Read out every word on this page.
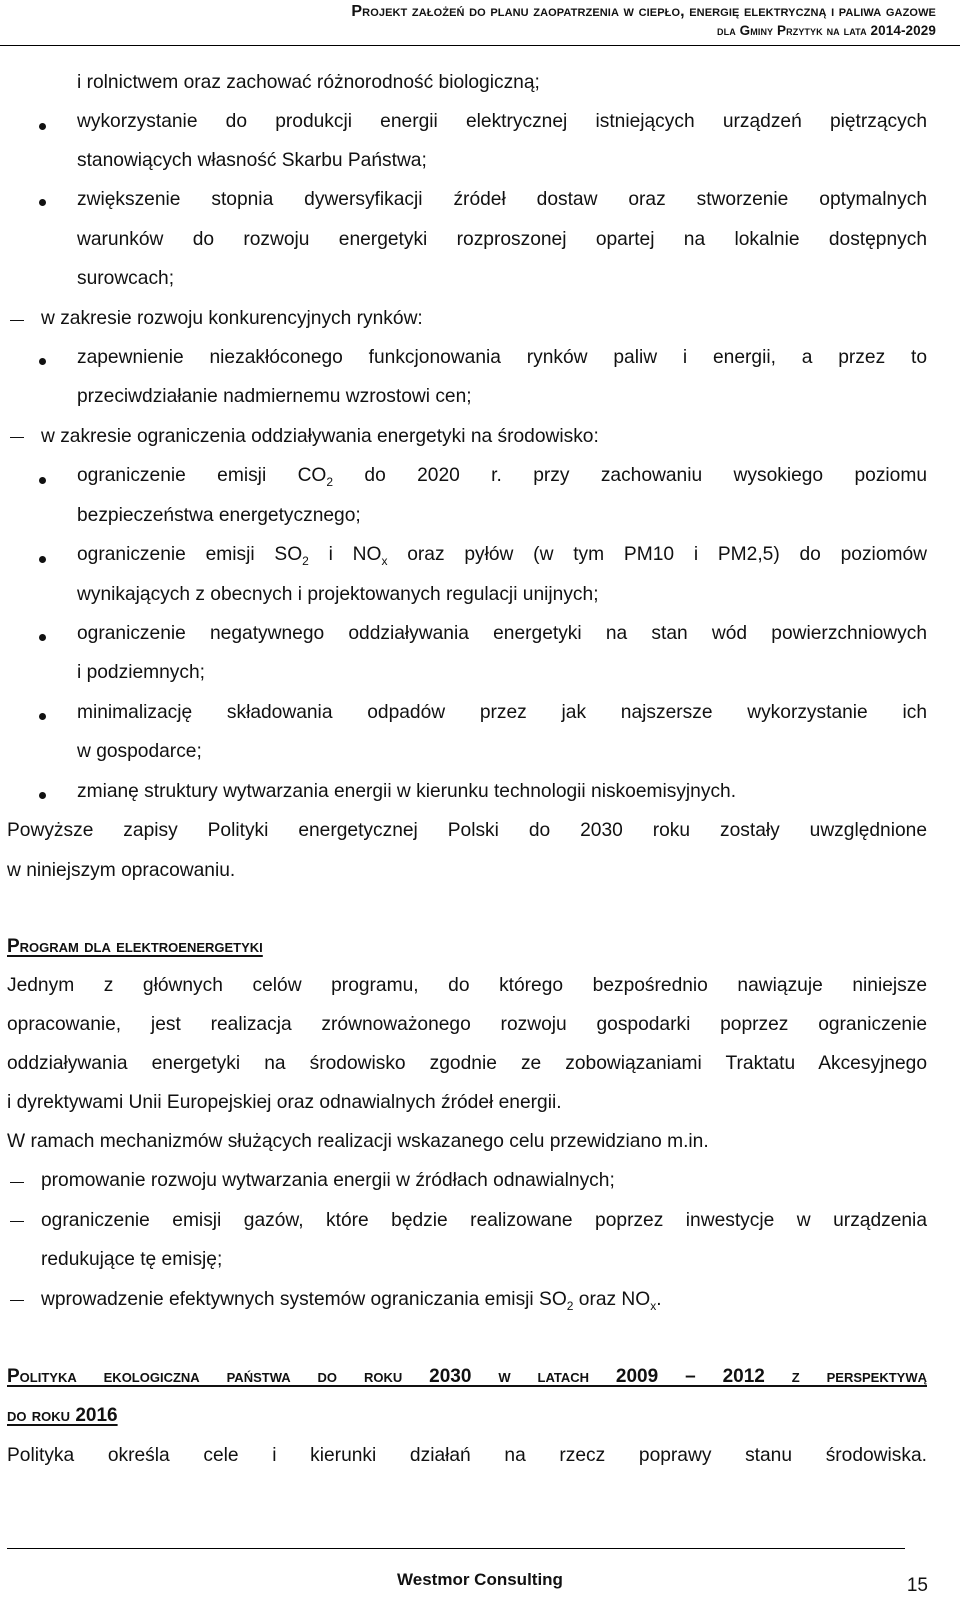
Projekt założeń do planu zaopatrzenia w ciepło, energię elektryczną i paliwa gazowe
dla Gminy Przytyk na lata 2014-2029
i rolnictwem oraz zachować różnorodność biologiczną;
wykorzystanie do produkcji energii elektrycznej istniejących urządzeń piętrzących
stanowiących własność Skarbu Państwa;
zwiększenie stopnia dywersyfikacji źródeł dostaw oraz stworzenie optymalnych
warunków do rozwoju energetyki rozproszonej opartej na lokalnie dostępnych
surowcach;
w zakresie rozwoju konkurencyjnych rynków:
zapewnienie niezakłóconego funkcjonowania rynków paliw i energii, a przez to
przeciwdziałanie nadmiernemu wzrostowi cen;
w zakresie ograniczenia oddziaływania energetyki na środowisko:
ograniczenie emisji $CO_2$ do 2020 r. przy zachowaniu wysokiego poziomu
bezpieczeństwa energetycznego;
ograniczenie emisji $SO_2$ i $NO_x$ oraz pyłów (w tym PM10 i PM2,5) do poziomów
wynikających z obecnych i projektowanych regulacji unijnych;
ograniczenie negatywnego oddziaływania energetyki na stan wód powierzchniowych
i podziemnych;
minimalizację składowania odpadów przez jak najszersze wykorzystanie ich
w gospodarce;
zmianę struktury wytwarzania energii w kierunku technologii niskoemisyjnych.
Powyższe zapisy Polityki energetycznej Polski do 2030 roku zostały uwzględnione
w niniejszym opracowaniu.
Program dla elektroenergetyki
Jednym z głównych celów programu, do którego bezpośrednio nawiązuje niniejsze
opracowanie, jest realizacja zrównoważonego rozwoju gospodarki poprzez ograniczenie
oddziaływania energetyki na środowisko zgodnie ze zobowiązaniami Traktatu Akcesyjnego
i dyrektywami Unii Europejskiej oraz odnawialnych źródeł energii.
W ramach mechanizmów służących realizacji wskazanego celu przewidziano m.in.
promowanie rozwoju wytwarzania energii w źródłach odnawialnych;
ograniczenie emisji gazów, które będzie realizowane poprzez inwestycje w urządzenia
redukujące tę emisję;
wprowadzenie efektywnych systemów ograniczania emisji $SO_2$ oraz $NO_x$.
Polityka ekologiczna państwa do roku 2030 w latach 2009 – 2012 z perspektywą
do roku 2016
Polityka określa cele i kierunki działań na rzecz poprawy stanu środowiska.
Westmor Consulting	15
